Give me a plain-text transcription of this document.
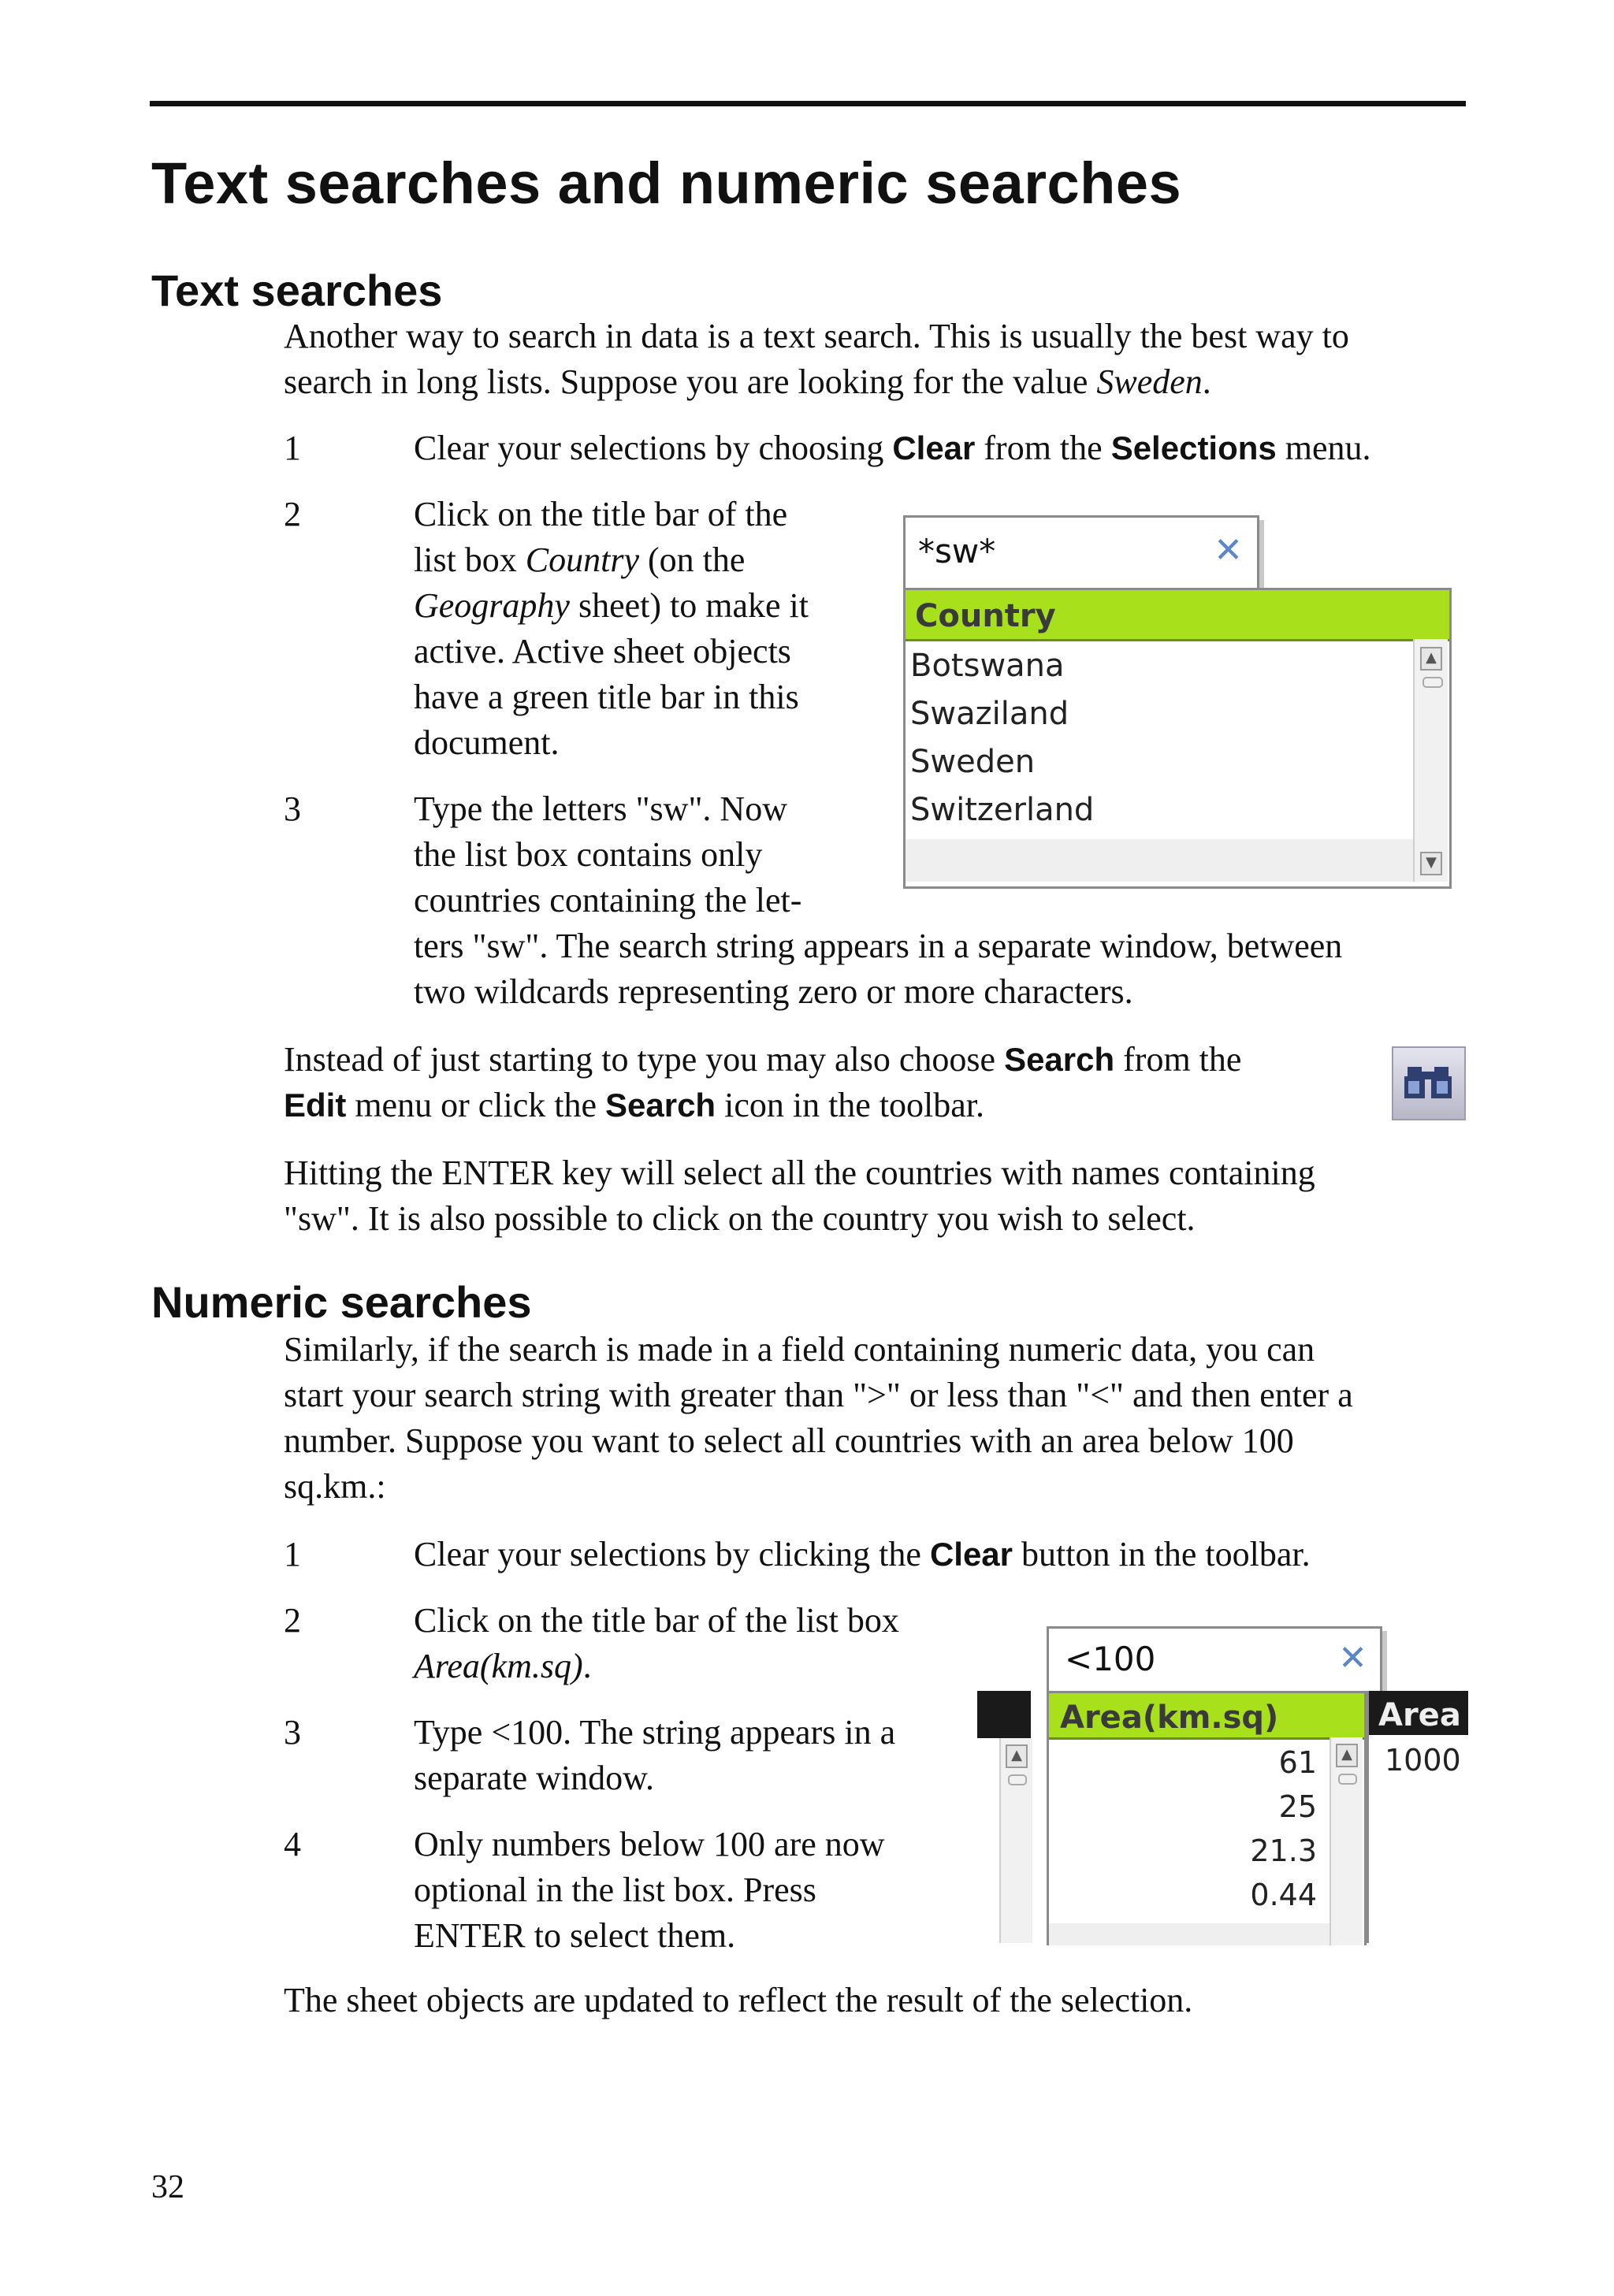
Text searches and numeric searches
Text searches
Another way to search in data is a text search. This is usually the best way to
search in long lists. Suppose you are looking for the value Sweden.
1	Clear your selections by choosing Clear from the Selections menu.
2	Click on the title bar of the
list box Country (on the
Geography sheet) to make it
active. Active sheet objects
have a green title bar in this
document.
3	Type the letters "sw". Now
the list box contains only
countries containing the let-
ters "sw". The search string appears in a separate window, between
two wildcards representing zero or more characters.
*sw*	✕
Country
Botswana
Swaziland
Sweden
Switzerland
▲
▼
Instead of just starting to type you may also choose Search from the
Edit menu or click the Search icon in the toolbar.
Hitting the ENTER key will select all the countries with names containing
"sw". It is also possible to click on the country you wish to select.
Numeric searches
Similarly, if the search is made in a field containing numeric data, you can
start your search string with greater than ">" or less than "<" and then enter a
number. Suppose you want to select all countries with an area below 100
sq.km.:
1	Clear your selections by clicking the Clear button in the toolbar.
2	Click on the title bar of the list box
Area(km.sq).
3	Type <100. The string appears in a
separate window.
4	Only numbers below 100 are now
optional in the list box. Press
ENTER to select them.
▲
<100	✕
Area(km.sq)
61
25
21.3
0.44
▲
Area
1000
The sheet objects are updated to reflect the result of the selection.
32
